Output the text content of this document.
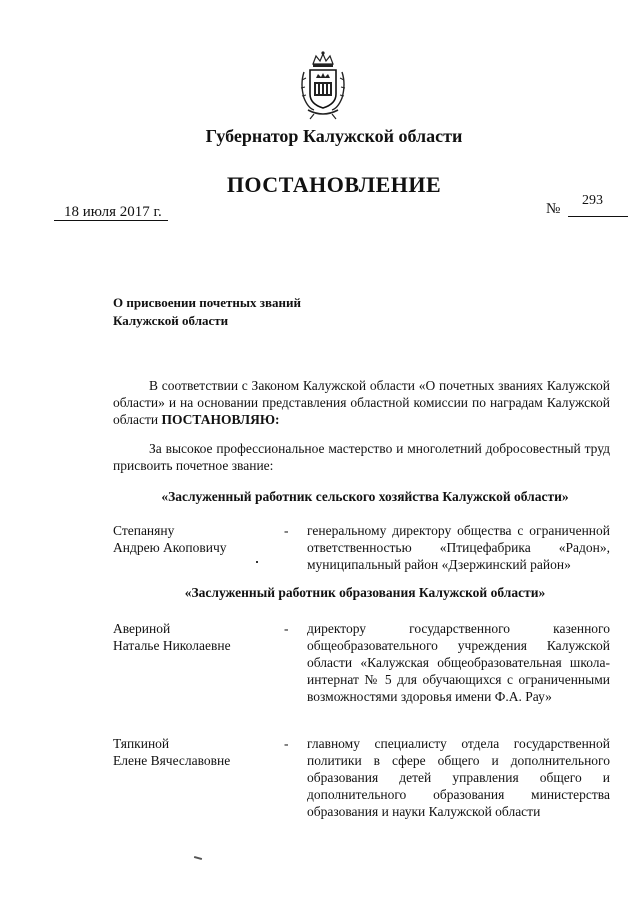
Губернатор Калужской области
ПОСТАНОВЛЕНИЕ
18 июля 2017 г.	№
293
О присвоении почетных званий
Калужской области
В соответствии с Законом Калужской области «О почетных званиях Калужской области» и на основании представления областной комиссии по наградам Калужской области ПОСТАНОВЛЯЮ:
За высокое профессиональное мастерство и многолетний добросовестный труд присвоить почетное звание:
«Заслуженный работник сельского хозяйства Калужской области»
Степаняну
Андрею Акоповичу
- генеральному директору общества с ограниченной ответственностью «Птицефабрика «Радон», муниципальный район «Дзержинский район»
«Заслуженный работник образования Калужской области»
Авериной
Наталье Николаевне
- директору государственного казенного общеобразовательного учреждения Калужской области «Калужская общеобразовательная школа-интернат № 5 для обучающихся с ограниченными возможностями здоровья имени Ф.А. Рау»
Тяпкиной
Елене Вячеславовне
- главному специалисту отдела государственной политики в сфере общего и дополнительного образования детей управления общего и дополнительного образования министерства образования и науки Калужской области
